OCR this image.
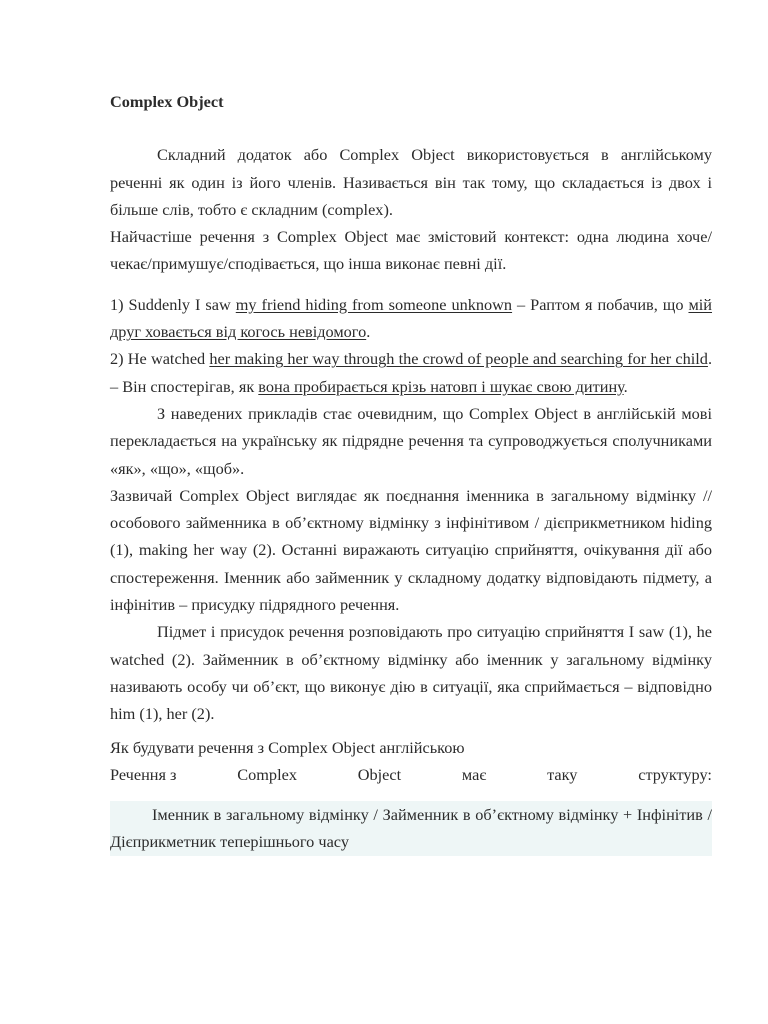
Complex Object

Складний додаток або Complex Object використовується в англійському реченні як один із його членів. Називається він так тому, що складається із двох і більше слів, тобто є складним (complex).

Найчастіше речення з Complex Object має змістовий контекст: одна людина хоче/чекає/примушує/сподівається, що інша виконає певні дії.

1) Suddenly I saw my friend hiding from someone unknown – Раптом я побачив, що мій друг ховається від когось невідомого.

2) He watched her making her way through the crowd of people and searching for her child. – Він спостерігав, як вона пробирається крізь натовп і шукає свою дитину.

З наведених прикладів стає очевидним, що Complex Object в англійській мові перекладається на українську як підрядне речення та супроводжується сполучниками «як», «що», «щоб».

Зазвичай Complex Object виглядає як поєднання іменника в загальному відмінку //особового займенника в об’єктному відмінку з інфінітивом / дієприкметником hiding (1), making her way (2). Останні виражають ситуацію сприйняття, очікування дії або спостереження. Іменник або займенник у складному додатку відповідають підмету, а інфінітив – присудку підрядного речення.

Підмет і присудок речення розповідають про ситуацію сприйняття I saw (1), he watched (2). Займенник в об’єктному відмінку або іменник у загальному відмінку називають особу чи об’єкт, що виконує дію в ситуації, яка сприймається – відповідно him (1), her (2).

Як будувати речення з Complex Object англійською

Речення з	Complex	Object	має	таку	структуру:

Іменник в загальному відмінку / Займенник в об’єктному відмінку + Інфінітив / Дієприкметник теперішнього часу
